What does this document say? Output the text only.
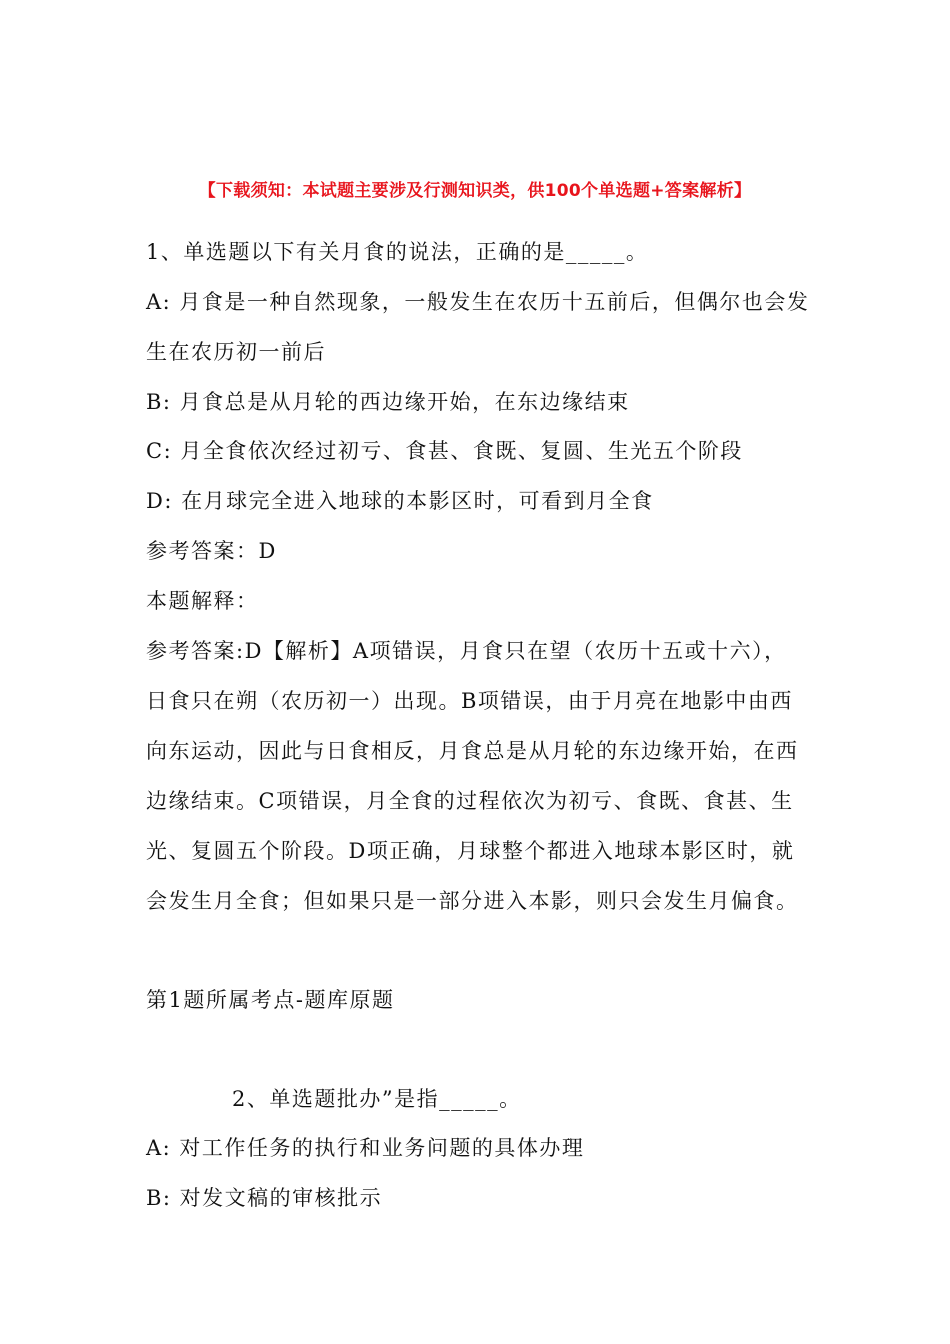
【下载须知：本试题主要涉及行测知识类，供100个单选题+答案解析】
1、单选题以下有关月食的说法，正确的是_____。
A: 月食是一种自然现象，一般发生在农历十五前后，但偶尔也会发
生在农历初一前后
B: 月食总是从月轮的西边缘开始，在东边缘结束
C: 月全食依次经过初亏、食甚、食既、复圆、生光五个阶段
D: 在月球完全进入地球的本影区时，可看到月全食
参考答案：D
本题解释：
参考答案:D【解析】A项错误，月食只在望（农历十五或十六），
日食只在朔（农历初一）出现。B项错误，由于月亮在地影中由西
向东运动，因此与日食相反，月食总是从月轮的东边缘开始，在西
边缘结束。C项错误，月全食的过程依次为初亏、食既、食甚、生
光、复圆五个阶段。D项正确，月球整个都进入地球本影区时，就
会发生月全食；但如果只是一部分进入本影，则只会发生月偏食。
第1题所属考点-题库原题
2、单选题批办”是指_____。
A: 对工作任务的执行和业务问题的具体办理
B: 对发文稿的审核批示
